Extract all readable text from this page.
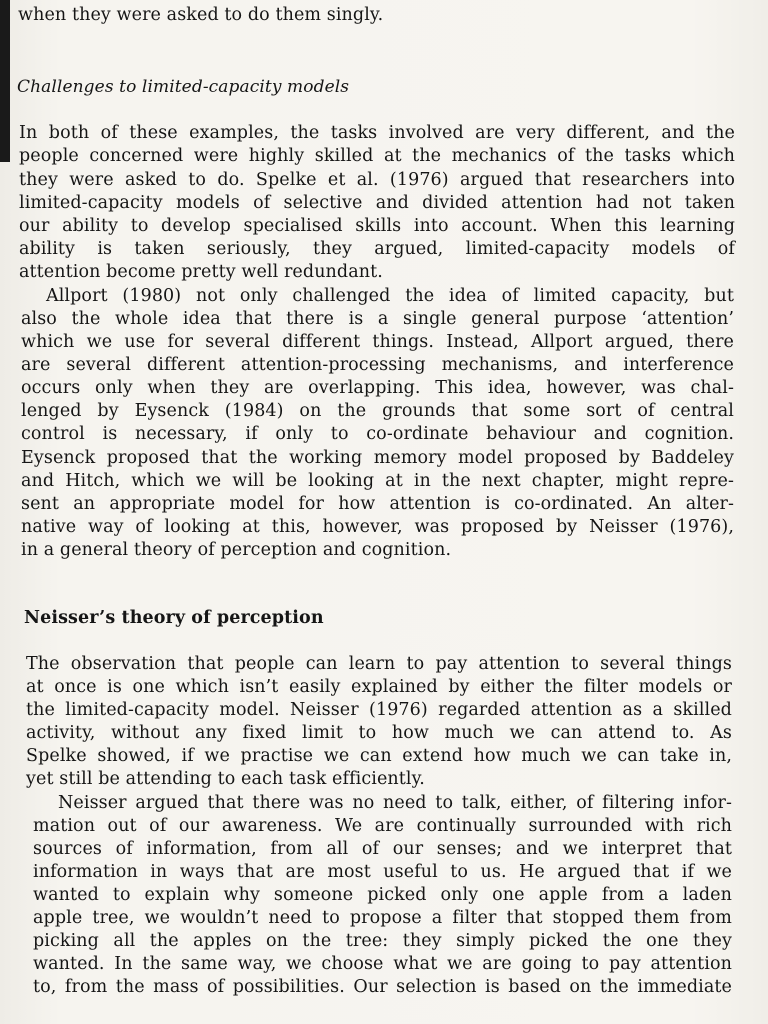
when they were asked to do them singly.
Challenges to limited-capacity models
In both of these examples, the tasks involved are very different, and the
people concerned were highly skilled at the mechanics of the tasks which
they were asked to do. Spelke et al. (1976) argued that researchers into
limited-capacity models of selective and divided attention had not taken
our ability to develop specialised skills into account. When this learning
ability is taken seriously, they argued, limited-capacity models of
attention become pretty well redundant.
Allport (1980) not only challenged the idea of limited capacity, but
also the whole idea that there is a single general purpose ‘attention’
which we use for several different things. Instead, Allport argued, there
are several different attention-processing mechanisms, and interference
occurs only when they are overlapping. This idea, however, was chal-
lenged by Eysenck (1984) on the grounds that some sort of central
control is necessary, if only to co-ordinate behaviour and cognition.
Eysenck proposed that the working memory model proposed by Baddeley
and Hitch, which we will be looking at in the next chapter, might repre-
sent an appropriate model for how attention is co-ordinated. An alter-
native way of looking at this, however, was proposed by Neisser (1976),
in a general theory of perception and cognition.
Neisser’s theory of perception
The observation that people can learn to pay attention to several things
at once is one which isn’t easily explained by either the filter models or
the limited-capacity model. Neisser (1976) regarded attention as a skilled
activity, without any fixed limit to how much we can attend to. As
Spelke showed, if we practise we can extend how much we can take in,
yet still be attending to each task efficiently.
Neisser argued that there was no need to talk, either, of filtering infor-
mation out of our awareness. We are continually surrounded with rich
sources of information, from all of our senses; and we interpret that
information in ways that are most useful to us. He argued that if we
wanted to explain why someone picked only one apple from a laden
apple tree, we wouldn’t need to propose a filter that stopped them from
picking all the apples on the tree: they simply picked the one they
wanted. In the same way, we choose what we are going to pay attention
to, from the mass of possibilities. Our selection is based on the immediate
